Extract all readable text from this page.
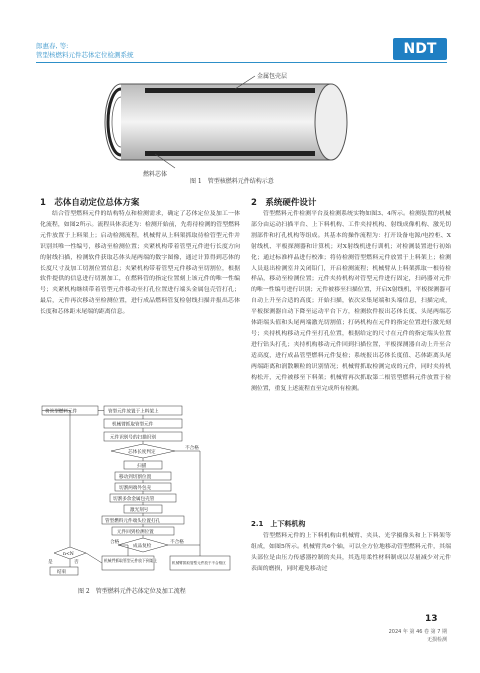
郎惠春, 等:
管型核燃料元件芯体定位检测系统	NDT
金属包壳层
燃料芯体
图 1　管型核燃料元件结构示意
1　芯体自动定位总体方案
结合管型燃料元件的结构特点和检测需求，确定了芯体定位及加工一体化流程，如图2所示。流程具体表述为：检测开始前，先将待检测的管型燃料元件放置于上料架上；启动检测流程，机械臂从上料架抓取待检管型元件并识别其唯一性编号，移动至检测位置；夹紧机构带着管型元件进行长度方向的射线扫描，检测软件获取芯体头尾两端的数字图像，通过计算得到芯体的长度尺寸及加工切割位置信息；夹紧机构带着管型元件移动至切割位，根据软件提供的信息进行切割加工，在燃料管的指定位置刻上该元件的唯一性编号；夹紧机构继续带着管型元件移动至打孔位置进行端头金属包壳管打孔；最后，元件再次移动至检测位置，进行成品燃料管复检射线扫描并报出芯体长度和芯体距末尾端的距离信息。
将管型燃料元件	管型元件放置于上料架上
机械臂抓取管型元件
元件识别号的扫描识别
芯体长度判定
不合格
扫描
移动到切割位置
切割两端外包壳
切割多余金属包壳管
激光刻号
管型燃料元件端头位置打孔
元件回到检测位置
成品复检
合格	不合格
n<N
是	否
结束
机械臂抓取管型元件放下到架上	机械臂抓取管型元件放于不合格区
图 2　管型燃料元件芯体定位及加工流程
2　系统硬件设计
管型燃料元件检测平台及检测系统实物如图3、4所示。检测装置的机械部分由运动扫描平台、上下料机构、工件夹持机构、射线成像机构、激光切割部件和打孔机构等组成。其基本的操作流程为：打开设备电源/电控柜、X射线机、平板探测器和计算机；对X射线机进行训机；对检测装置进行初始化；通过标准样品进行校准；将待检测管型燃料元件放置于上料架上；检测人员退出检测室并关闭铅门，开启检测流程；机械臂从上料架抓取一根待检样品，移动至检测位置；元件夹持机构对管型元件进行固定，扫码器对元件的唯一性编号进行识别；元件被移至扫描位置，开启X射线机，平板探测器可自动上升至合适的高度；开始扫描，依次采集尾端和头端信息，扫描完成，平板探测器自动下降至运动平台下方，检测软件报出芯体长度、头尾两端芯体距端头值和头尾两端激光切割值；打码机构在元件的指定位置进行激光刻号；夹持机构移动元件至打孔位置，根据给定的尺寸在元件的指定端头位置进行钻头打孔；夹持机构移动元件回到扫描位置，平板探测器自动上升至合适高度，进行成品管型燃料元件复检；系统报出芯体长度值、芯体距离头尾两端距离和润散颗粒的识别情况；机械臂抓取检测完成的元件，同时夹持机构松开，元件被移至下料架；机械臂再次抓取第二根管型燃料元件放置于检测位置，重复上述流程直至完成所有检测。
2.1　上下料机构
管型燃料元件的上下料机构由机械臂、夹具、光学摄像头和上下料架等组成，如图5所示。机械臂共6个轴，可以全方位地移动管型燃料元件，其端头部位是由压力传感器控制的夹具，其选用柔性材料制成以尽量减少对元件表面的磨损，同时避免移动过
13
2024 年 第 46 卷 第 7 期
无损检测
